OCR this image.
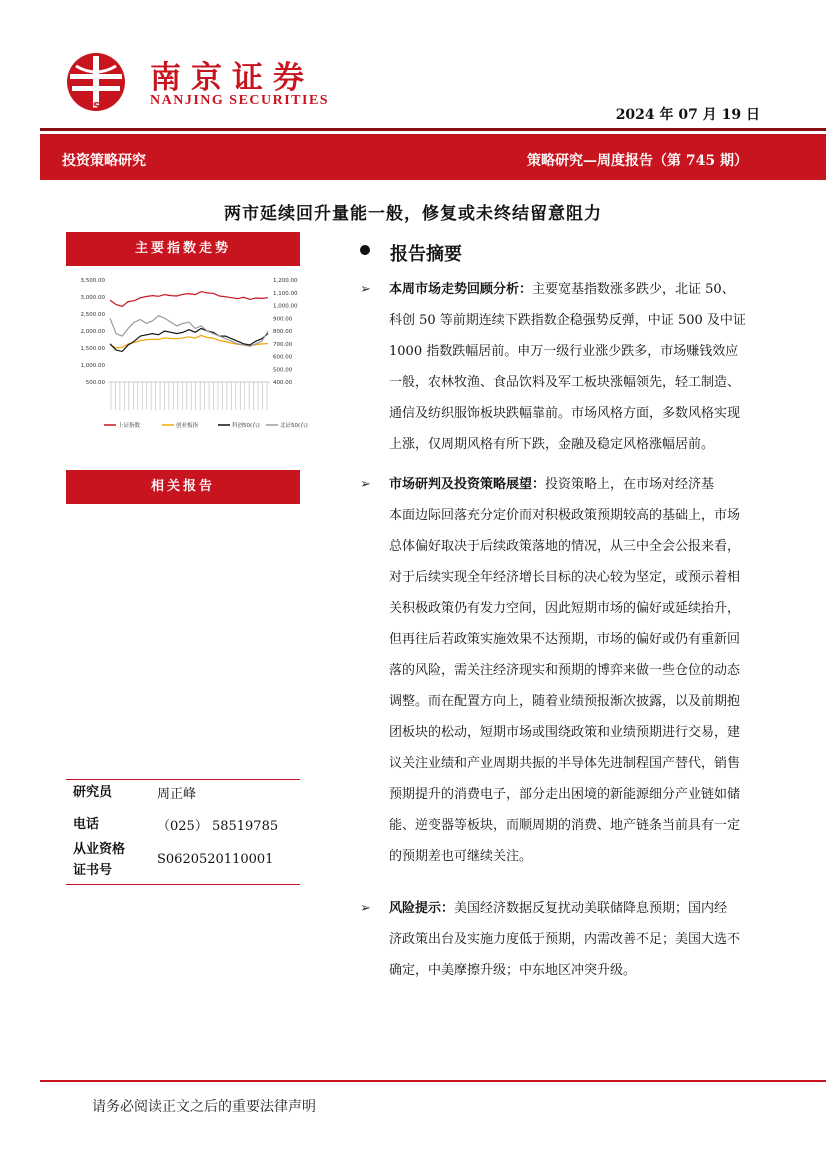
NSC
南京证券
NANJING SECURITIES
2024 年 07 月 19 日
投资策略研究	策略研究—周度报告（第 745 期）
两市延续回升量能一般，修复或未终结留意阻力
主要指数走势
3,500.00
3,000.00
2,500.00
2,000.00
1,500.00
1,000.00
500.00
1,200.00
1,100.00
1,000.00
900.00
800.00
700.00
600.00
500.00
400.00
上证指数	创业板指	科创50(右)	北证50(右)
相关报告
研究员	周正峰
电话	（025） 58519785
从业资格
证书号
S0620520110001
报告摘要
➢ 本周市场走势回顾分析：主要宽基指数涨多跌少，北证 50、
科创 50 等前期连续下跌指数企稳强势反弹，中证 500 及中证
1000 指数跌幅居前。申万一级行业涨少跌多，市场赚钱效应
一般，农林牧渔、食品饮料及军工板块涨幅领先，轻工制造、
通信及纺织服饰板块跌幅靠前。市场风格方面，多数风格实现
上涨，仅周期风格有所下跌，金融及稳定风格涨幅居前。
➢ 市场研判及投资策略展望：投资策略上，在市场对经济基
本面边际回落充分定价而对积极政策预期较高的基础上，市场
总体偏好取决于后续政策落地的情况，从三中全会公报来看，
对于后续实现全年经济增长目标的决心较为坚定，或预示着相
关积极政策仍有发力空间，因此短期市场的偏好或延续抬升，
但再往后若政策实施效果不达预期，市场的偏好或仍有重新回
落的风险，需关注经济现实和预期的博弈来做一些仓位的动态
调整。而在配置方向上，随着业绩预报渐次披露，以及前期抱
团板块的松动，短期市场或围绕政策和业绩预期进行交易，建
议关注业绩和产业周期共振的半导体先进制程国产替代，销售
预期提升的消费电子，部分走出困境的新能源细分产业链如储
能、逆变器等板块，而顺周期的消费、地产链条当前具有一定
的预期差也可继续关注。
➢ 风险提示：美国经济数据反复扰动美联储降息预期；国内经
济政策出台及实施力度低于预期，内需改善不足；美国大选不
确定，中美摩擦升级；中东地区冲突升级。
请务必阅读正文之后的重要法律声明
